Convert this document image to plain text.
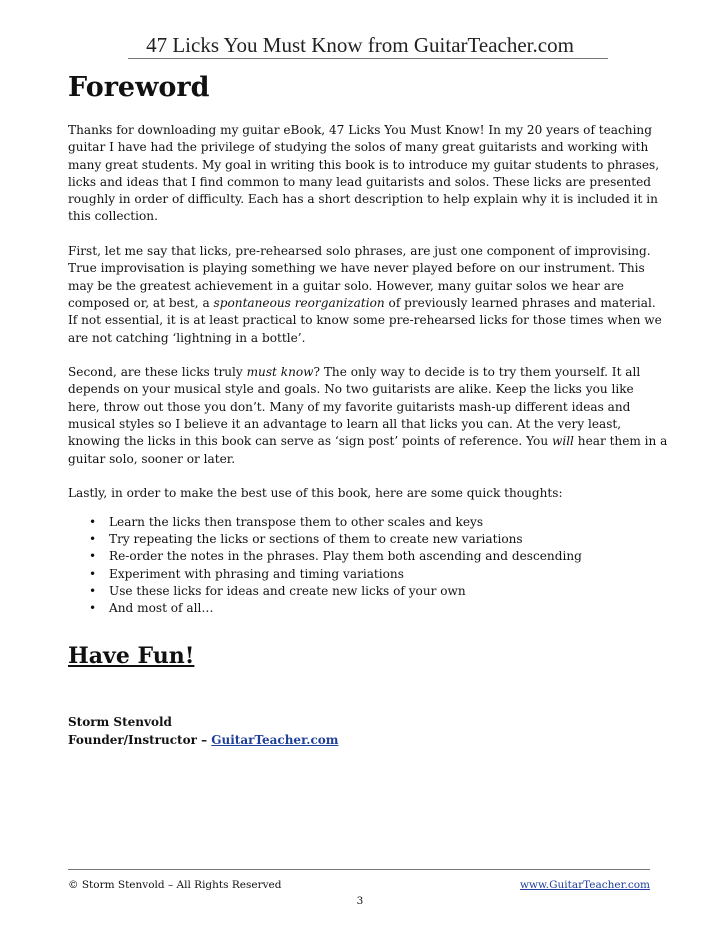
47 Licks You Must Know from GuitarTeacher.com
Foreword

Thanks for downloading my guitar eBook, 47 Licks You Must Know! In my 20 years of teaching guitar I have had the privilege of studying the solos of many great guitarists and working with many great students. My goal in writing this book is to introduce my guitar students to phrases, licks and ideas that I find common to many lead guitarists and solos. These licks are presented roughly in order of difficulty. Each has a short description to help explain why it is included it in this collection.

First, let me say that licks, pre-rehearsed solo phrases, are just one component of improvising. True improvisation is playing something we have never played before on our instrument. This may be the greatest achievement in a guitar solo. However, many guitar solos we hear are composed or, at best, a spontaneous reorganization of previously learned phrases and material. If not essential, it is at least practical to know some pre-rehearsed licks for those times when we are not catching ‘lightning in a bottle’.

Second, are these licks truly must know? The only way to decide is to try them yourself. It all depends on your musical style and goals. No two guitarists are alike. Keep the licks you like here, throw out those you don’t. Many of my favorite guitarists mash-up different ideas and musical styles so I believe it an advantage to learn all that licks you can. At the very least, knowing the licks in this book can serve as ‘sign post’ points of reference. You will hear them in a guitar solo, sooner or later.

Lastly, in order to make the best use of this book, here are some quick thoughts:

• Learn the licks then transpose them to other scales and keys
• Try repeating the licks or sections of them to create new variations
• Re-order the notes in the phrases. Play them both ascending and descending
• Experiment with phrasing and timing variations
• Use these licks for ideas and create new licks of your own
• And most of all…
Have Fun!
Storm Stenvold
Founder/Instructor – GuitarTeacher.com
© Storm Stenvold – All Rights Reserved	www.GuitarTeacher.com
3
